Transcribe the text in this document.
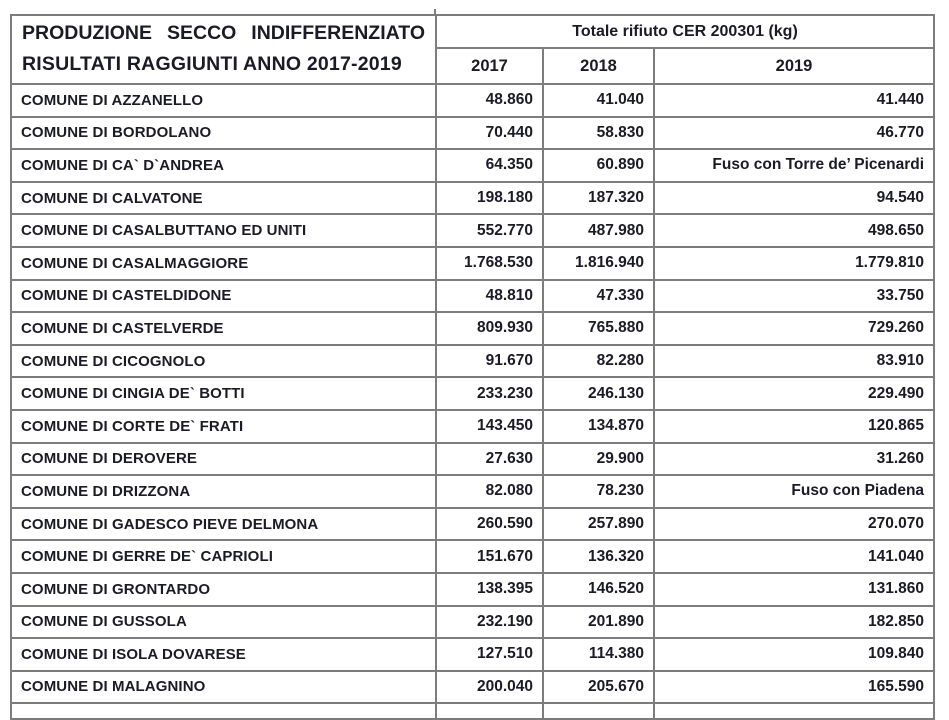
PRODUZIONE SECCO INDIFFERENZIATO
RISULTATI RAGGIUNTI ANNO 2017-2019	Totale rifiuto CER 200301 (kg)		
	2017	2018	2019
COMUNE DI AZZANELLO	48.860	41.040	41.440
COMUNE DI BORDOLANO	70.440	58.830	46.770
COMUNE DI CA` D`ANDREA	64.350	60.890	Fuso con Torre de’ Picenardi
COMUNE DI CALVATONE	198.180	187.320	94.540
COMUNE DI CASALBUTTANO ED UNITI	552.770	487.980	498.650
COMUNE DI CASALMAGGIORE	1.768.530	1.816.940	1.779.810
COMUNE DI CASTELDIDONE	48.810	47.330	33.750
COMUNE DI CASTELVERDE	809.930	765.880	729.260
COMUNE DI CICOGNOLO	91.670	82.280	83.910
COMUNE DI CINGIA DE` BOTTI	233.230	246.130	229.490
COMUNE DI CORTE DE` FRATI	143.450	134.870	120.865
COMUNE DI DEROVERE	27.630	29.900	31.260
COMUNE DI DRIZZONA	82.080	78.230	Fuso con Piadena
COMUNE DI GADESCO PIEVE DELMONA	260.590	257.890	270.070
COMUNE DI GERRE DE` CAPRIOLI	151.670	136.320	141.040
COMUNE DI GRONTARDO	138.395	146.520	131.860
COMUNE DI GUSSOLA	232.190	201.890	182.850
COMUNE DI ISOLA DOVARESE	127.510	114.380	109.840
COMUNE DI MALAGNINO	200.040	205.670	165.590
